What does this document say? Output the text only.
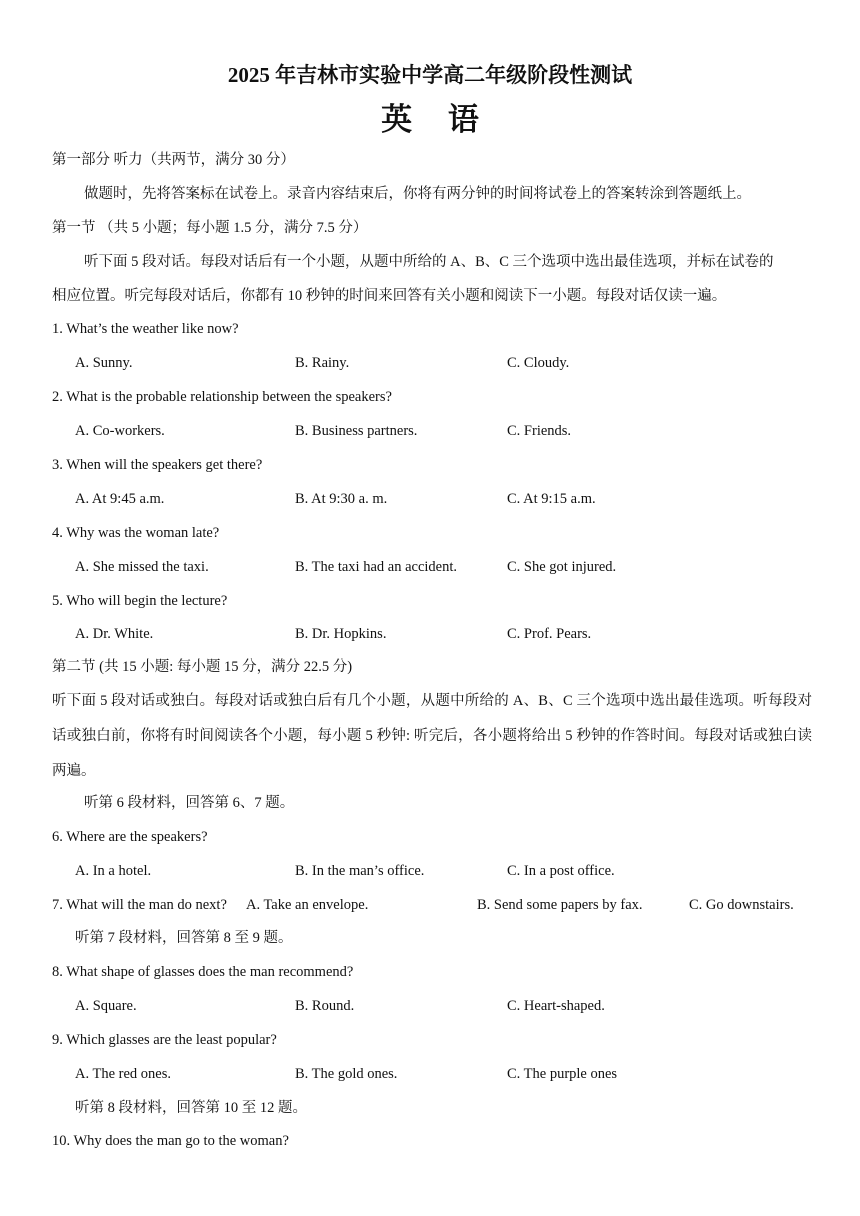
2025 年吉林市实验中学高二年级阶段性测试
英 语
第一部分 听力（共两节，满分 30 分）
做题时，先将答案标在试卷上。录音内容结束后，你将有两分钟的时间将试卷上的答案转涂到答题纸上。
第一节 （共 5 小题；每小题 1.5 分，满分 7.5 分）
听下面 5 段对话。每段对话后有一个小题，从题中所给的 A、B、C 三个选项中选出最佳选项，并标在试卷的
相应位置。听完每段对话后，你都有 10 秒钟的时间来回答有关小题和阅读下一小题。每段对话仅读一遍。
1. What’s the weather like now?
A. Sunny.	B. Rainy.	C. Cloudy.
2. What is the probable relationship between the speakers?
A. Co-workers.	B. Business partners.	C. Friends.
3. When will the speakers get there?
A. At 9:45 a.m.	B. At 9:30 a. m.	C. At 9:15 a.m.
4. Why was the woman late?
A. She missed the taxi.	B. The taxi had an accident.	C. She got injured.
5. Who will begin the lecture?
A. Dr. White.	B. Dr. Hopkins.	C. Prof. Pears.
第二节 (共 15 小题: 每小题 15 分，满分 22.5 分)
听下面 5 段对话或独白。每段对话或独白后有几个小题，从题中所给的 A、B、C 三个选项中选出最佳选项。听每段对话或独白前，你将有时间阅读各个小题，每小题 5 秒钟: 听完后，各小题将给出 5 秒钟的作答时间。每段对话或独白读两遍。
听第 6 段材料，回答第 6、7 题。
6. Where are the speakers?
A. In a hotel.	B. In the man’s office.	C. In a post office.
7. What will the man do next? A. Take an envelope.	B. Send some papers by fax.	C. Go downstairs.
听第 7 段材料，回答第 8 至 9 题。
8. What shape of glasses does the man recommend?
A. Square.	B. Round.	C. Heart-shaped.
9. Which glasses are the least popular?
A. The red ones.	B. The gold ones.	C. The purple ones
听第 8 段材料，回答第 10 至 12 题。
10. Why does the man go to the woman?
